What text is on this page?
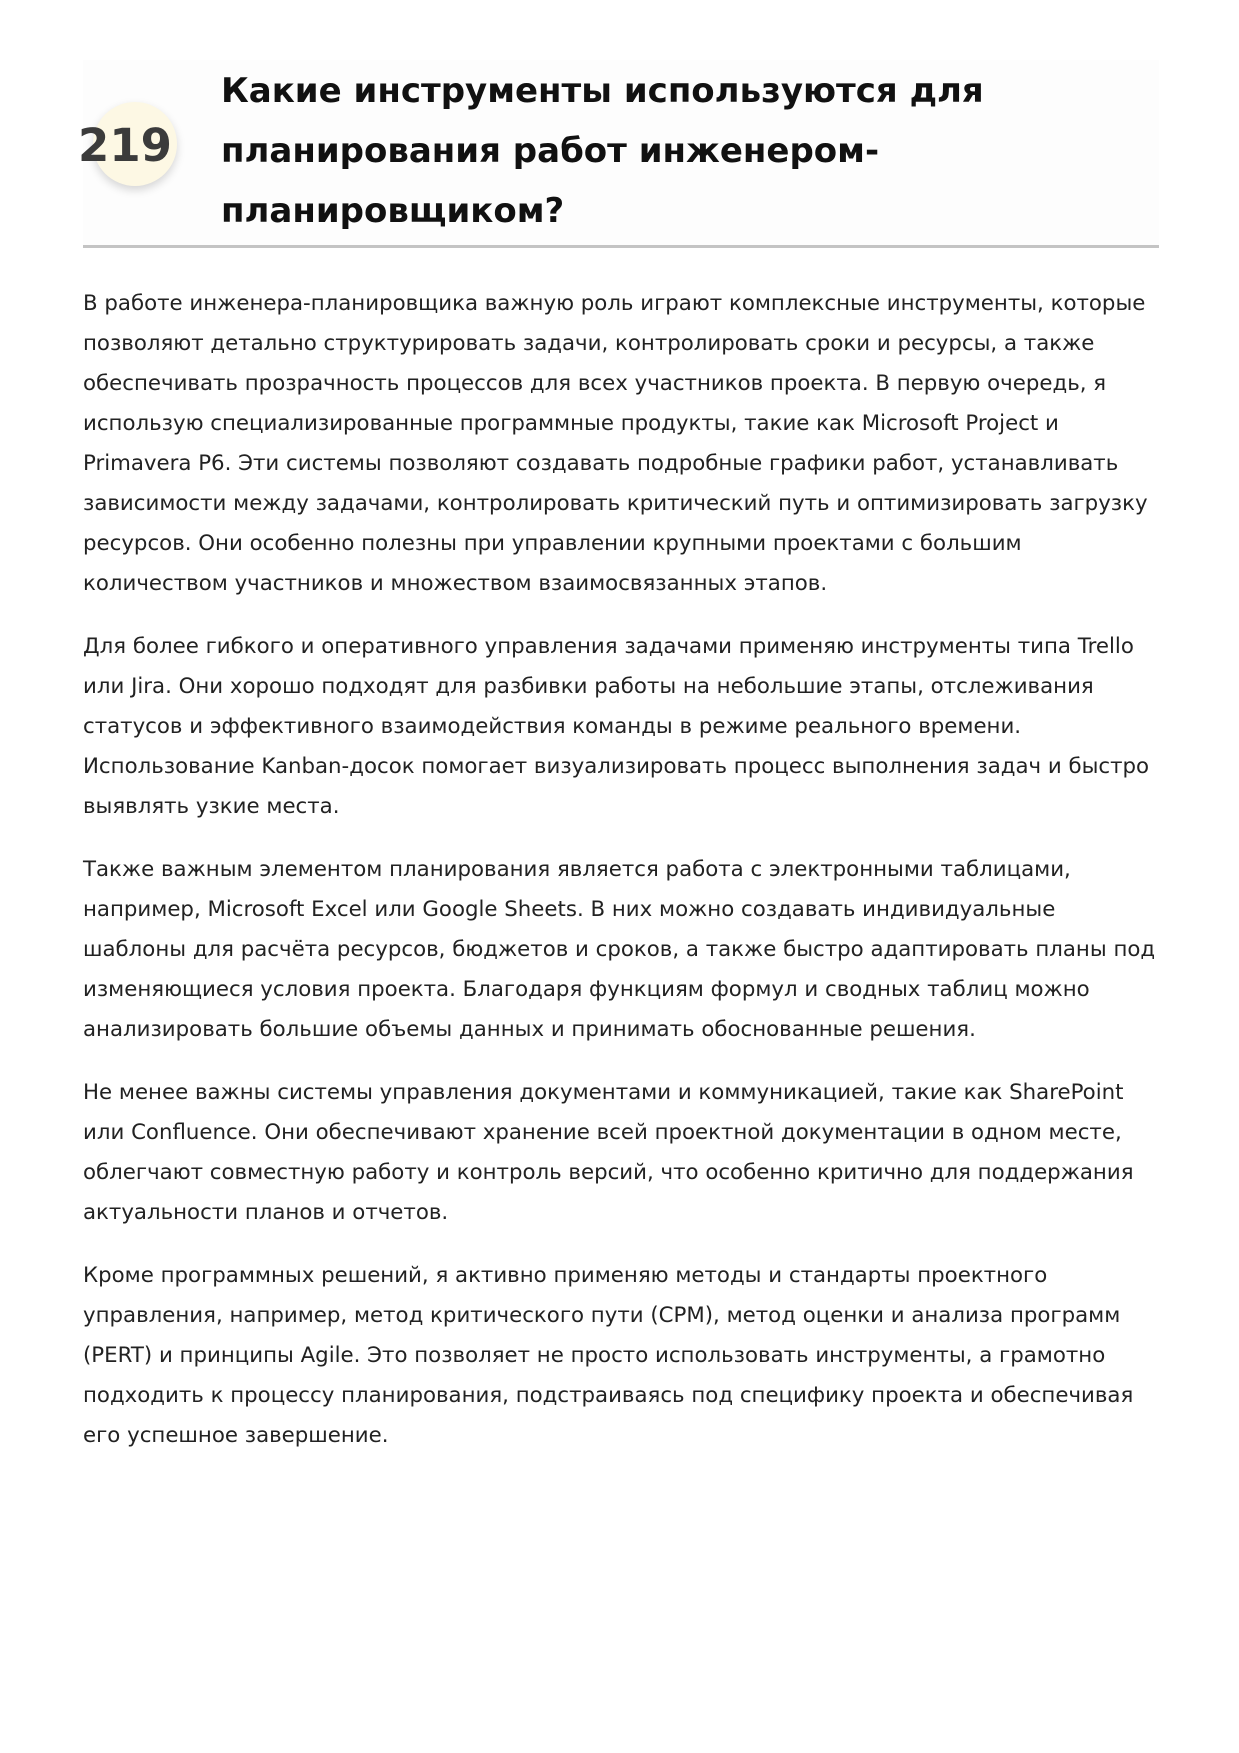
219
Какие инструменты используются для планирования работ инженером-планировщиком?

В работе инженера-планировщика важную роль играют комплексные инструменты, которые позволяют детально структурировать задачи, контролировать сроки и ресурсы, а также обеспечивать прозрачность процессов для всех участников проекта. В первую очередь, я использую специализированные программные продукты, такие как Microsoft Project и Primavera P6. Эти системы позволяют создавать подробные графики работ, устанавливать зависимости между задачами, контролировать критический путь и оптимизировать загрузку ресурсов. Они особенно полезны при управлении крупными проектами с большим количеством участников и множеством взаимосвязанных этапов.

Для более гибкого и оперативного управления задачами применяю инструменты типа Trello или Jira. Они хорошо подходят для разбивки работы на небольшие этапы, отслеживания статусов и эффективного взаимодействия команды в режиме реального времени. Использование Kanban-досок помогает визуализировать процесс выполнения задач и быстро выявлять узкие места.

Также важным элементом планирования является работа с электронными таблицами, например, Microsoft Excel или Google Sheets. В них можно создавать индивидуальные шаблоны для расчёта ресурсов, бюджетов и сроков, а также быстро адаптировать планы под изменяющиеся условия проекта. Благодаря функциям формул и сводных таблиц можно анализировать большие объемы данных и принимать обоснованные решения.

Не менее важны системы управления документами и коммуникацией, такие как SharePoint или Confluence. Они обеспечивают хранение всей проектной документации в одном месте, облегчают совместную работу и контроль версий, что особенно критично для поддержания актуальности планов и отчетов.

Кроме программных решений, я активно применяю методы и стандарты проектного управления, например, метод критического пути (CPM), метод оценки и анализа программ (PERT) и принципы Agile. Это позволяет не просто использовать инструменты, а грамотно подходить к процессу планирования, подстраиваясь под специфику проекта и обеспечивая его успешное завершение.
